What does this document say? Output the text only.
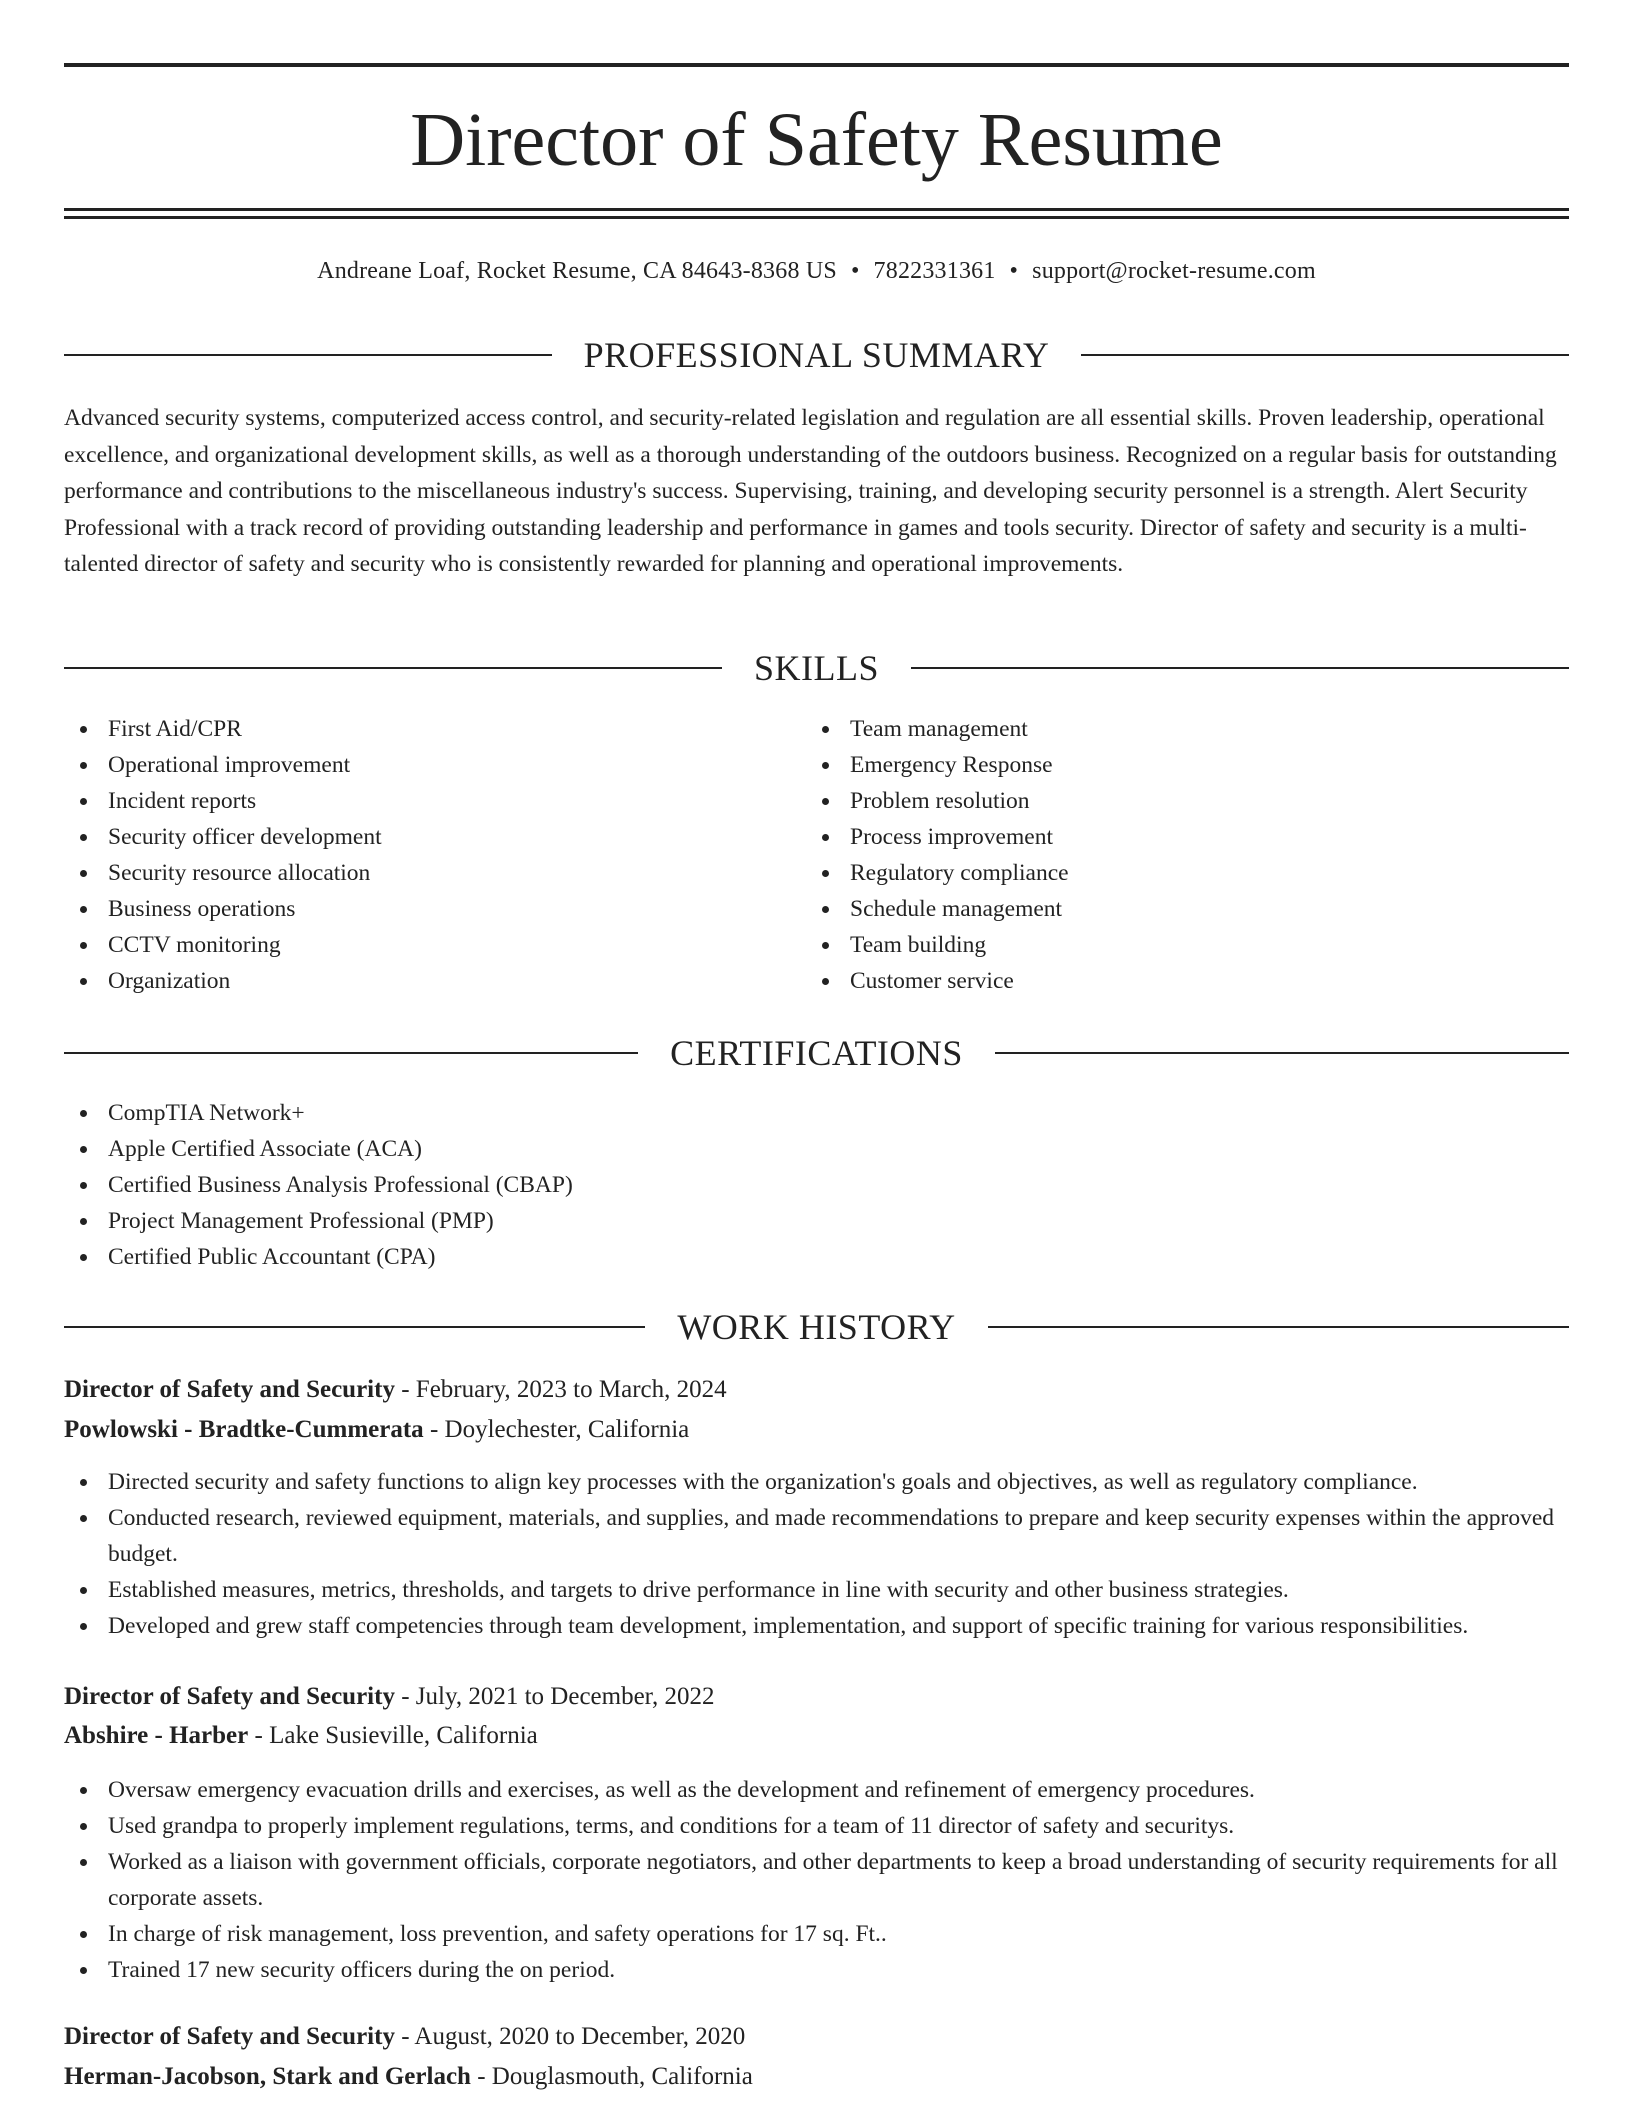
Director of Safety Resume
Andreane Loaf, Rocket Resume, CA 84643-8368 US • 7822331361 • support@rocket-resume.com
PROFESSIONAL SUMMARY

Advanced security systems, computerized access control, and security-related legislation and regulation are all essential skills. Proven leadership, operational excellence, and organizational development skills, as well as a thorough understanding of the outdoors business. Recognized on a regular basis for outstanding performance and contributions to the miscellaneous industry's success. Supervising, training, and developing security personnel is a strength. Alert Security Professional with a track record of providing outstanding leadership and performance in games and tools security. Director of safety and security is a multi-talented director of safety and security who is consistently rewarded for planning and operational improvements.

SKILLS
First Aid/CPR
Operational improvement
Incident reports
Security officer development
Security resource allocation
Business operations
CCTV monitoring
Organization
Team management
Emergency Response
Problem resolution
Process improvement
Regulatory compliance
Schedule management
Team building
Customer service
CERTIFICATIONS
CompTIA Network+
Apple Certified Associate (ACA)
Certified Business Analysis Professional (CBAP)
Project Management Professional (PMP)
Certified Public Accountant (CPA)
WORK HISTORY
Director of Safety and Security - February, 2023 to March, 2024
Powlowski - Bradtke-Cummerata - Doylechester, California
Directed security and safety functions to align key processes with the organization's goals and objectives, as well as regulatory compliance.
Conducted research, reviewed equipment, materials, and supplies, and made recommendations to prepare and keep security expenses within the approved budget.
Established measures, metrics, thresholds, and targets to drive performance in line with security and other business strategies.
Developed and grew staff competencies through team development, implementation, and support of specific training for various responsibilities.
Director of Safety and Security - July, 2021 to December, 2022
Abshire - Harber - Lake Susieville, California
Oversaw emergency evacuation drills and exercises, as well as the development and refinement of emergency procedures.
Used grandpa to properly implement regulations, terms, and conditions for a team of 11 director of safety and securitys.
Worked as a liaison with government officials, corporate negotiators, and other departments to keep a broad understanding of security requirements for all corporate assets.
In charge of risk management, loss prevention, and safety operations for 17 sq. Ft..
Trained 17 new security officers during the on period.
Director of Safety and Security - August, 2020 to December, 2020
Herman-Jacobson, Stark and Gerlach - Douglasmouth, California
